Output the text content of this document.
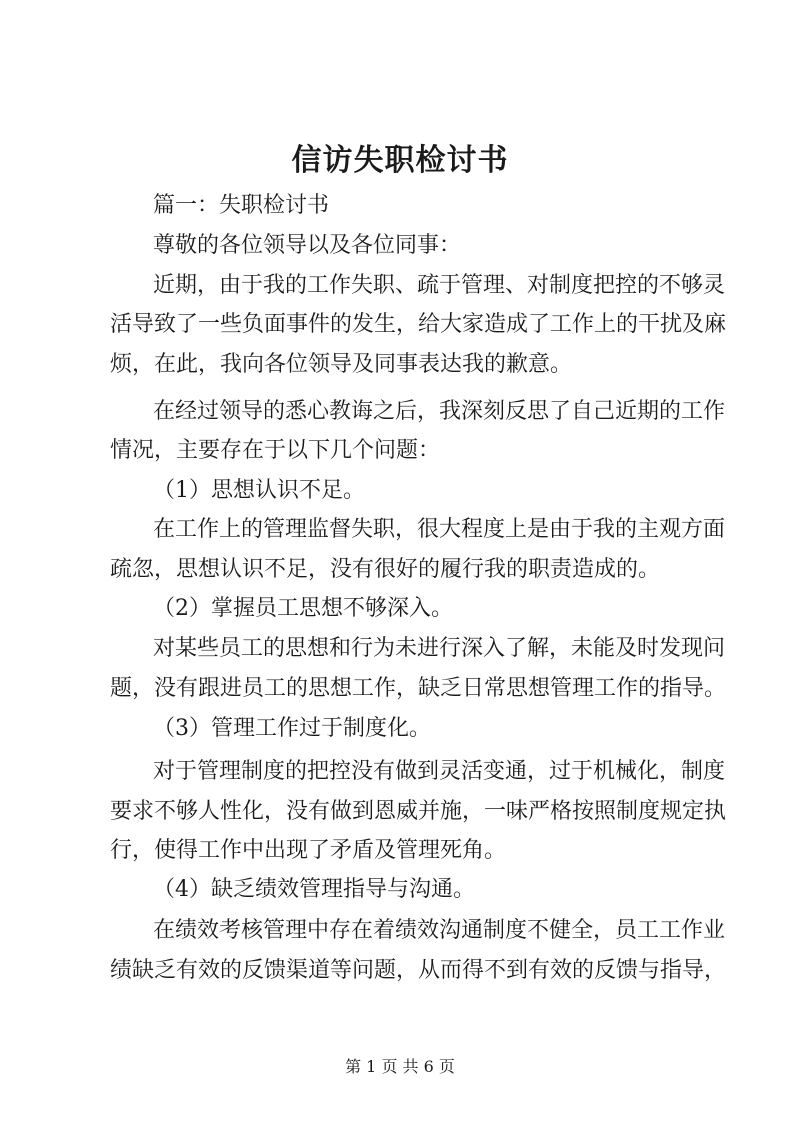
信访失职检讨书
篇一：失职检讨书
尊敬的各位领导以及各位同事：
近期，由于我的工作失职、疏于管理、对制度把控的不够灵
活导致了一些负面事件的发生，给大家造成了工作上的干扰及麻
烦，在此，我向各位领导及同事表达我的歉意。
在经过领导的悉心教诲之后，我深刻反思了自己近期的工作
情况，主要存在于以下几个问题：
（1）思想认识不足。
在工作上的管理监督失职，很大程度上是由于我的主观方面
疏忽，思想认识不足，没有很好的履行我的职责造成的。
（2）掌握员工思想不够深入。
对某些员工的思想和行为未进行深入了解，未能及时发现问
题，没有跟进员工的思想工作，缺乏日常思想管理工作的指导。
（3）管理工作过于制度化。
对于管理制度的把控没有做到灵活变通，过于机械化，制度
要求不够人性化，没有做到恩威并施，一味严格按照制度规定执
行，使得工作中出现了矛盾及管理死角。
（4）缺乏绩效管理指导与沟通。
在绩效考核管理中存在着绩效沟通制度不健全，员工工作业
绩缺乏有效的反馈渠道等问题，从而得不到有效的反馈与指导，
第 1 页 共 6 页
